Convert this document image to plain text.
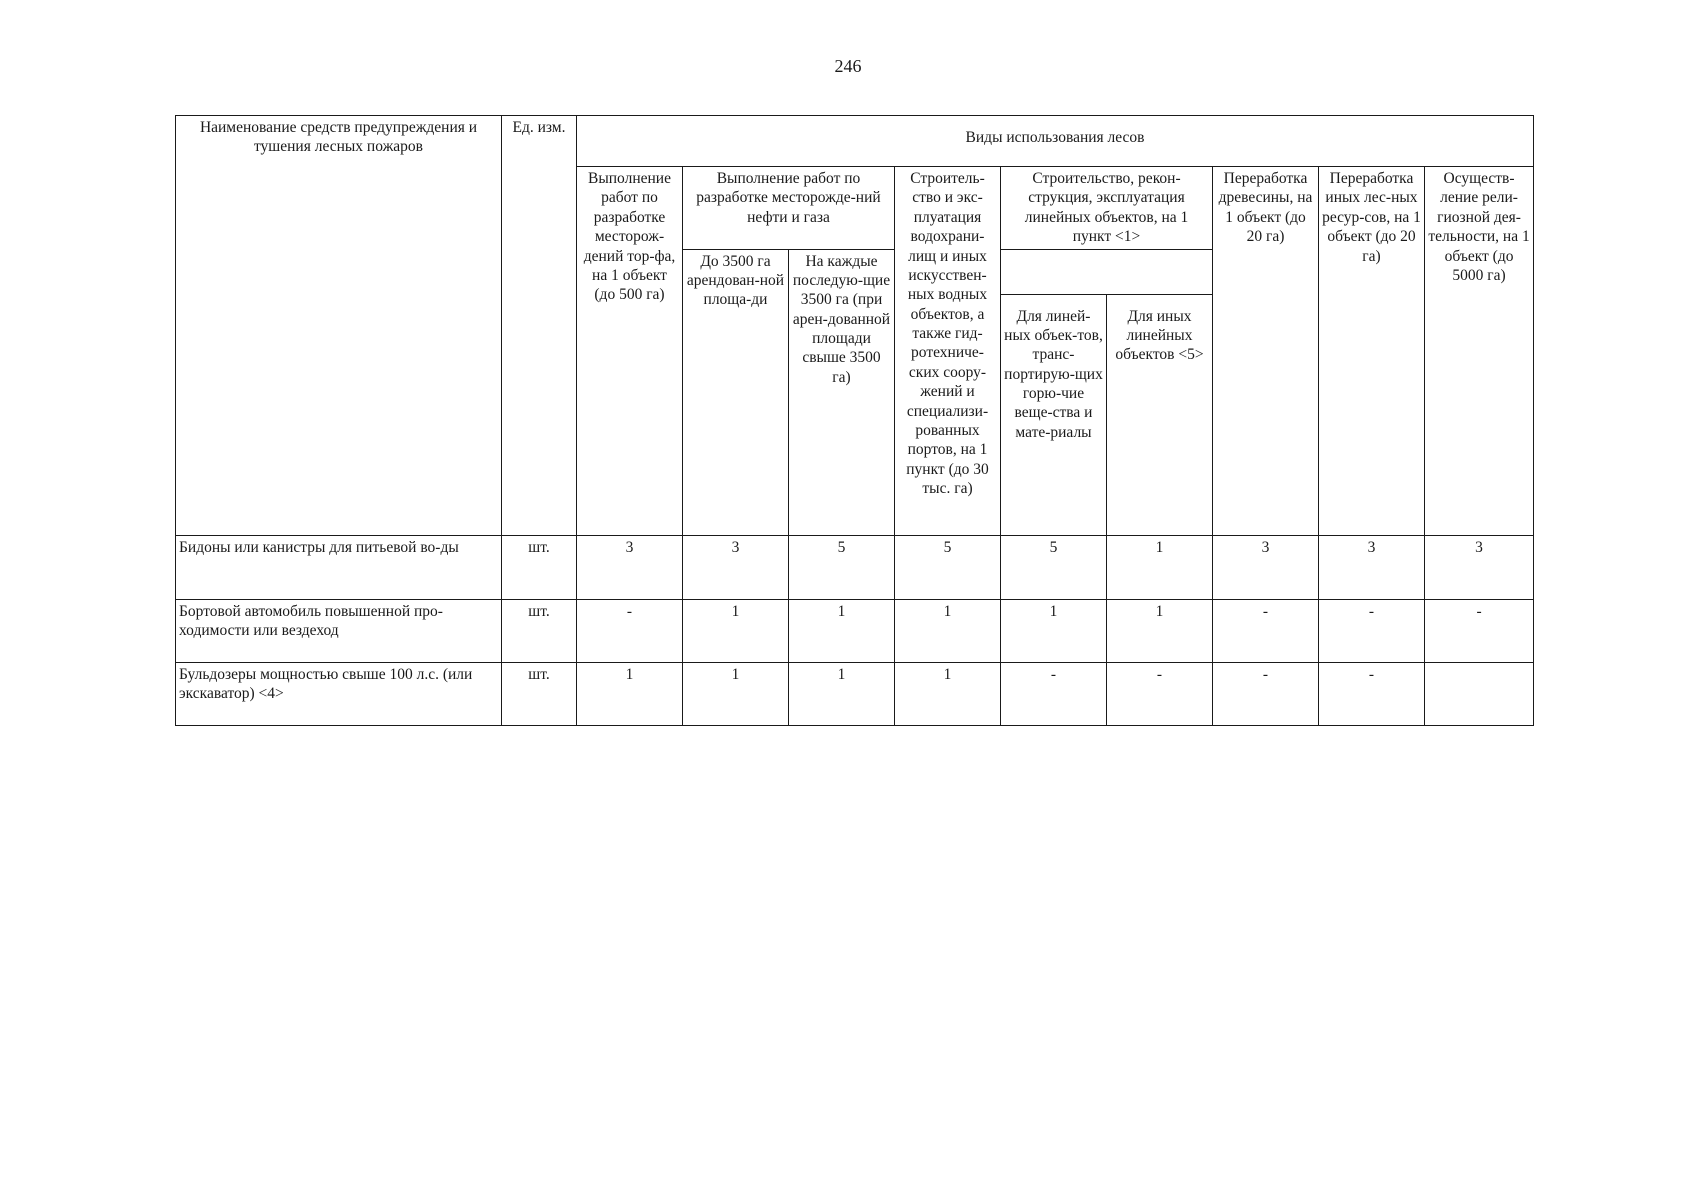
246
Наименование средств предупреждения и тушения лесных пожаров	Ед. изм.	Виды использования лесов								
		Выполнение работ по разработке месторож-дений тор-фа, на 1 объект (до 500 га)	Выполнение работ по разработке месторожде-ний нефти и газа		Строитель-ство и экс-плуатация водохрани-лищ и иных искусствен-ных водных объектов, а также гид-ротехниче-ских соору-жений и специализи-рованных портов, на 1 пункт (до 30 тыс. га)	Строительство, рекон-струкция, эксплуатация линейных объектов, на 1 пункт <1>		Переработка древесины, на 1 объект (до 20 га)	Переработка иных лес-ных ресур-сов, на 1 объект (до 20 га)	Осуществ-ление рели-гиозной дея-тельности, на 1 объект (до 5000 га)
			До 3500 га арендован-ной площа-ди	На каждые последую-щие 3500 га (при арен-дованной площади свыше 3500 га)						
						Для линей-ных объек-тов, транс-портирую-щих горю-чие веще-ства и мате-риалы	Для иных линейных объектов <5>			
Бидоны или канистры для питьевой во-ды	шт.	3	3	5	5	5	1	3	3	3
Бортовой автомобиль повышенной про-ходимости или вездеход	шт.	-	1	1	1	1	1	-	-	-
Бульдозеры мощностью свыше 100 л.с. (или экскаватор) <4>	шт.	1	1	1	1	-	-	-	-	
